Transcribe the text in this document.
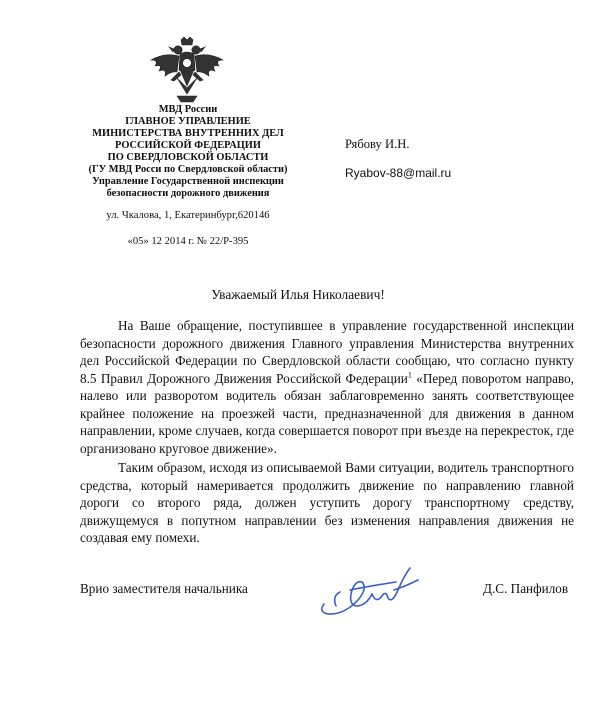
МВД России
ГЛАВНОЕ УПРАВЛЕНИЕ
МИНИСТЕРСТВА ВНУТРЕННИХ ДЕЛ
РОССИЙСКОЙ ФЕДЕРАЦИИ
ПО СВЕРДЛОВСКОЙ ОБЛАСТИ
(ГУ МВД Росси по Свердловской области)
Управление Государственной инспекции
безопасности дорожного движения
ул. Чкалова, 1, Екатеринбург,620146
«05» 12 2014 г. № 22/Р-395
Рябову И.Н.
Ryabov-88@mail.ru
Уважаемый Илья Николаевич!

На Ваше обращение, поступившее в управление государственной инспекции безопасности дорожного движения Главного управления Министерства внутренних дел Российской Федерации по Свердловской области сообщаю, что согласно пункту 8.5 Правил Дорожного Движения Российской Федерации$^1$ «Перед поворотом направо, налево или разворотом водитель обязан заблаговременно занять соответствующее крайнее положение на проезжей части, предназначенной для движения в данном направлении, кроме случаев, когда совершается поворот при въезде на перекресток, где организовано круговое движение».

Таким образом, исходя из описываемой Вами ситуации, водитель транспортного средства, который намеривается продолжить движение по направлению главной дороги со второго ряда, должен уступить дорогу транспортному средству, движущемуся в попутном направлении без изменения направления движения не создавая ему помехи.

Врио заместителя начальника	Д.С. Панфилов
